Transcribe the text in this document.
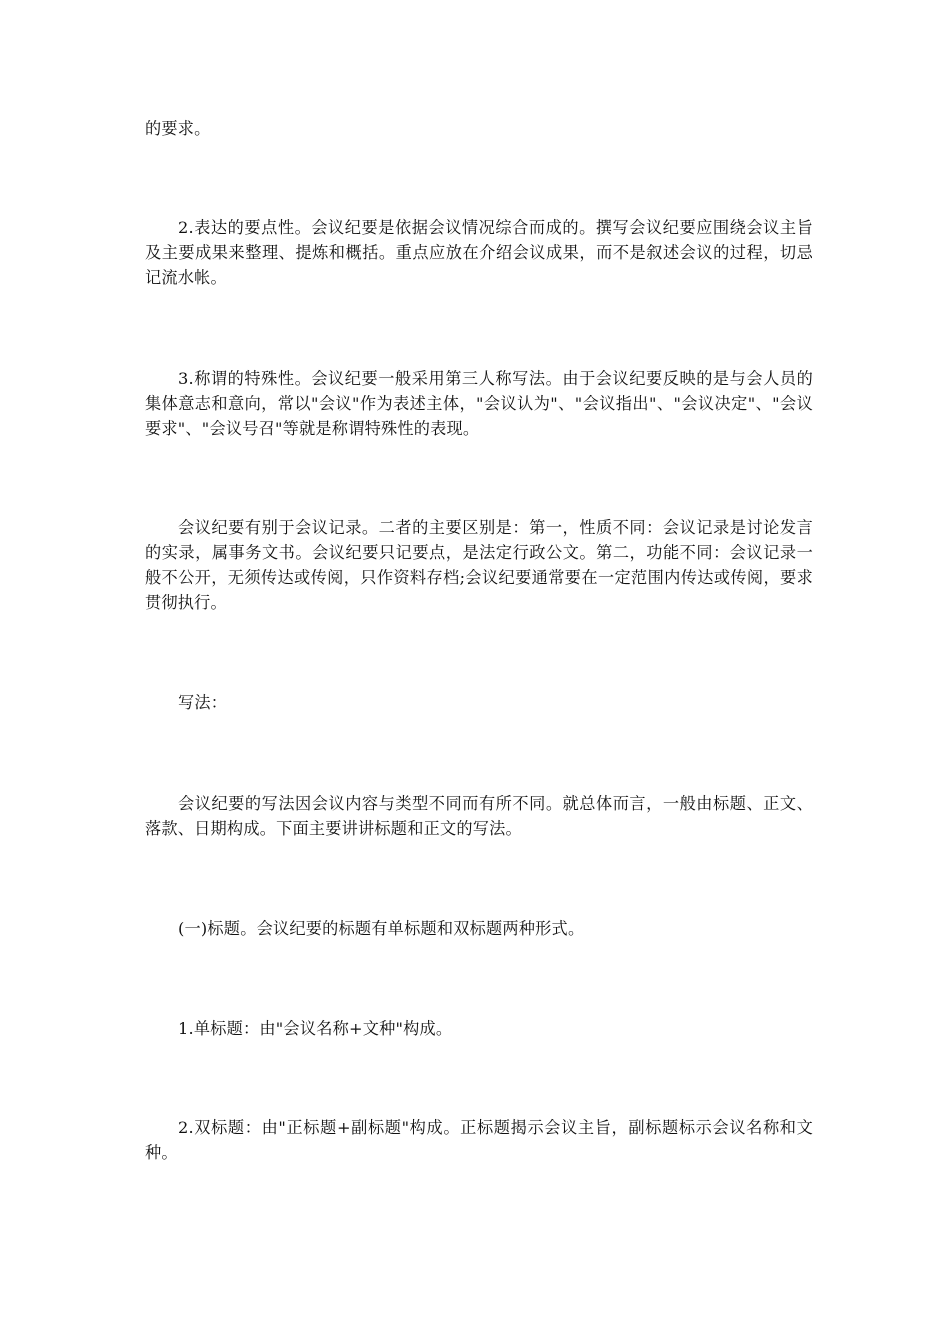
的要求。

2.表达的要点性。会议纪要是依据会议情况综合而成的。撰写会议纪要应围绕会议主旨及主要成果来整理、提炼和概括。重点应放在介绍会议成果，而不是叙述会议的过程，切忌记流水帐。

3.称谓的特殊性。会议纪要一般采用第三人称写法。由于会议纪要反映的是与会人员的集体意志和意向，常以"会议"作为表述主体，"会议认为"、"会议指出"、"会议决定"、"会议要求"、"会议号召"等就是称谓特殊性的表现。

会议纪要有别于会议记录。二者的主要区别是：第一，性质不同：会议记录是讨论发言的实录，属事务文书。会议纪要只记要点，是法定行政公文。第二，功能不同：会议记录一般不公开，无须传达或传阅，只作资料存档;会议纪要通常要在一定范围内传达或传阅，要求贯彻执行。

写法：

会议纪要的写法因会议内容与类型不同而有所不同。就总体而言，一般由标题、正文、落款、日期构成。下面主要讲讲标题和正文的写法。

(一)标题。会议纪要的标题有单标题和双标题两种形式。

1.单标题：由"会议名称+文种"构成。

2.双标题：由"正标题+副标题"构成。正标题揭示会议主旨，副标题标示会议名称和文种。
